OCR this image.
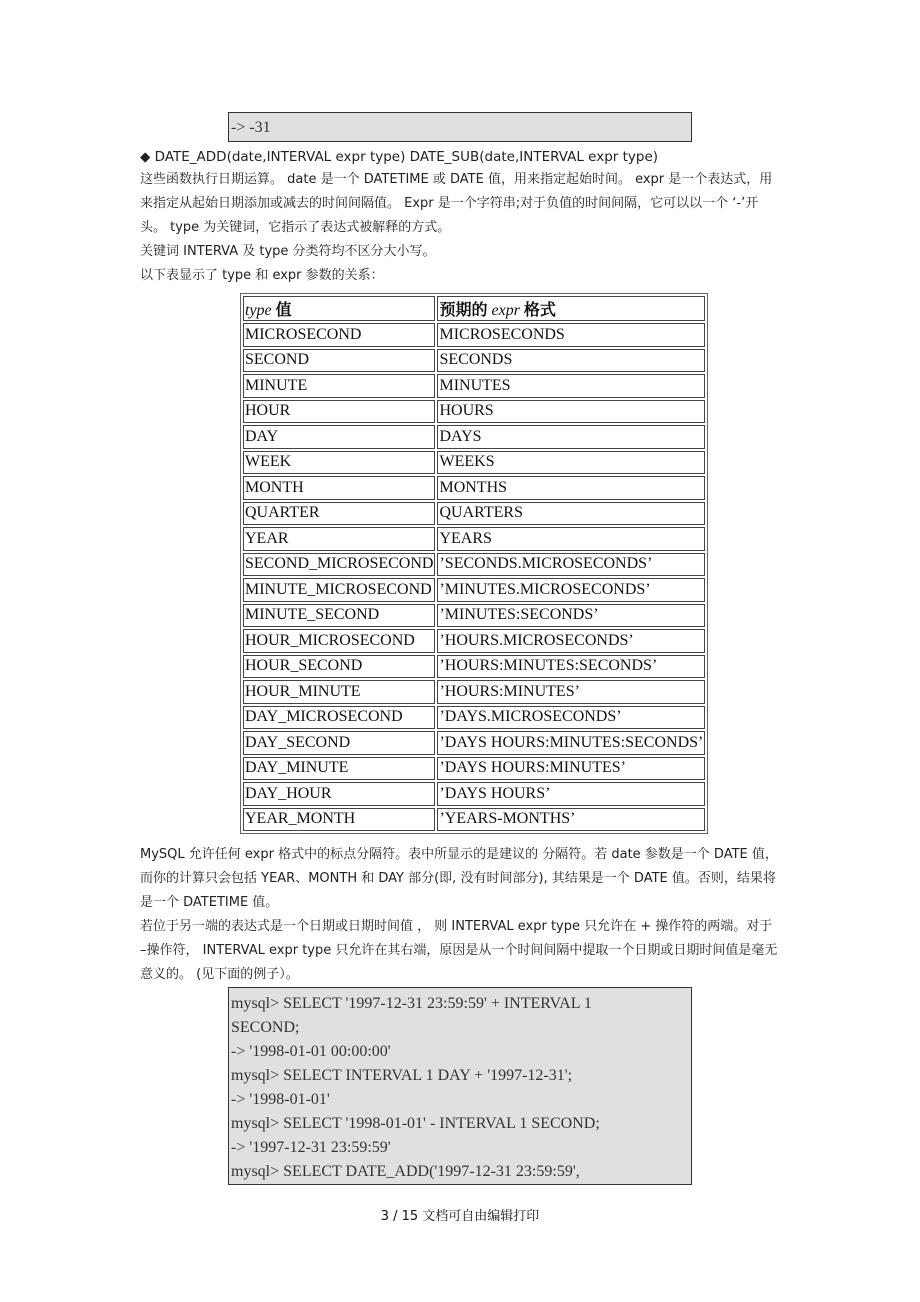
-> -31

◆ DATE_ADD(date,INTERVAL expr type) DATE_SUB(date,INTERVAL expr type)

这些函数执行日期运算。 date 是一个 DATETIME 或 DATE 值，用来指定起始时间。 expr 是一个表达式，用来指定从起始日期添加或减去的时间间隔值。 Expr 是一个字符串;对于负值的时间间隔，它可以以一个 ‘-’开头。 type 为关键词，它指示了表达式被解释的方式。

关键词 INTERVA 及 type 分类符均不区分大小写。

以下表显示了 type 和 expr 参数的关系：

type 值	预期的 expr 格式
MICROSECOND	MICROSECONDS
SECOND	SECONDS
MINUTE	MINUTES
HOUR	HOURS
DAY	DAYS
WEEK	WEEKS
MONTH	MONTHS
QUARTER	QUARTERS
YEAR	YEARS
SECOND_MICROSECOND	’SECONDS.MICROSECONDS’
MINUTE_MICROSECOND	’MINUTES.MICROSECONDS’
MINUTE_SECOND	’MINUTES:SECONDS’
HOUR_MICROSECOND	’HOURS.MICROSECONDS’
HOUR_SECOND	’HOURS:MINUTES:SECONDS’
HOUR_MINUTE	’HOURS:MINUTES’
DAY_MICROSECOND	’DAYS.MICROSECONDS’
DAY_SECOND	’DAYS HOURS:MINUTES:SECONDS’
DAY_MINUTE	’DAYS HOURS:MINUTES’
DAY_HOUR	’DAYS HOURS’
YEAR_MONTH	’YEARS-MONTHS’

MySQL 允许任何 expr 格式中的标点分隔符。表中所显示的是建议的 分隔符。若 date 参数是一个 DATE 值，而你的计算只会包括 YEAR、MONTH 和 DAY 部分(即, 没有时间部分), 其结果是一个 DATE 值。否则，结果将是一个 DATETIME 值。

若位于另一端的表达式是一个日期或日期时间值 ， 则 INTERVAL expr type 只允许在 + 操作符的两端。对于 –操作符， INTERVAL expr type 只允许在其右端，原因是从一个时间间隔中提取一个日期或日期时间值是毫无意义的。 (见下面的例子）。

mysql> SELECT '1997-12-31 23:59:59' + INTERVAL 1
SECOND;
-> '1998-01-01 00:00:00'
mysql> SELECT INTERVAL 1 DAY + '1997-12-31';
-> '1998-01-01'
mysql> SELECT '1998-01-01' - INTERVAL 1 SECOND;
-> '1997-12-31 23:59:59'
mysql> SELECT DATE_ADD('1997-12-31 23:59:59',
3 / 15 文档可自由编辑打印
